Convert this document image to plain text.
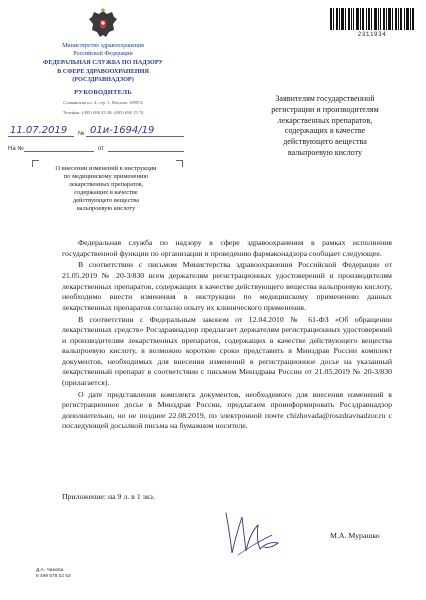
Министерство здравоохранения
Российской Федерации
ФЕДЕРАЛЬНАЯ СЛУЖБА ПО НАДЗОРУ
В СФЕРЕ ЗДРАВООХРАНЕНИЯ
(РОСЗДРАВНАДЗОР)
РУКОВОДИТЕЛЬ
Славянская пл. 4, стр. 1, Москва, 109074
Телефон: (495) 698 45 38; (495) 698 15 74
11.07.2019 № 01и-1694/19
На №	от
О внесении изменений в инструкции
по медицинскому применению
лекарственных препаратов,
содержащих в качестве
действующего вещества
вальпроевую кислоту
2311934
Заявителям государственной
регистрации и производителям
лекарственных препаратов,
содержащих в качестве
действующего вещества
вальпроевую кислоту

Федеральная служба по надзору в сфере здравоохранения в рамках исполнения государственной функции по организации и проведению фармаконадзора сообщает следующее.

В соответствии с письмом Министерства здравоохранения Российской Федерации от 21.05.2019 № 20-3/830 всем держателям регистрационных удостоверений и производителям лекарственных препаратов, содержащих в качестве действующего вещества вальпроевую кислоту, необходимо внести изменения в инструкции по медицинскому применению данных лекарственных препаратов согласно опыту их клинического применения.

В соответствии с Федеральным законом от 12.04.2010 № 61-ФЗ «Об обращении лекарственных средств» Росздравнадзор предлагает держателям регистрационных удостоверений и производителям лекарственных препаратов, содержащих в качестве действующего вещества вальпроевую кислоту, в возможно короткие сроки представить в Минздрав России комплект документов, необходимых для внесения изменений в регистрационное досье на указанный лекарственный препарат в соответствии с письмом Минздрава России от 21.05.2019 № 20-3/830 (прилагается).

О дате представления комплекта документов, необходимого для внесения изменений в регистрационное досье в Минздрав России, предлагаем проинформировать Росздравнадзор дополнительно, но не позднее 22.08.2019, по электронной почте chizhovada@roszdravnadzor.ru с последующей досылкой письма на бумажном носителе.

Приложение: на 9 л. в 1 экз.
М.А. Мурашко
Д.А. Чижова
8 499 578 02 63
